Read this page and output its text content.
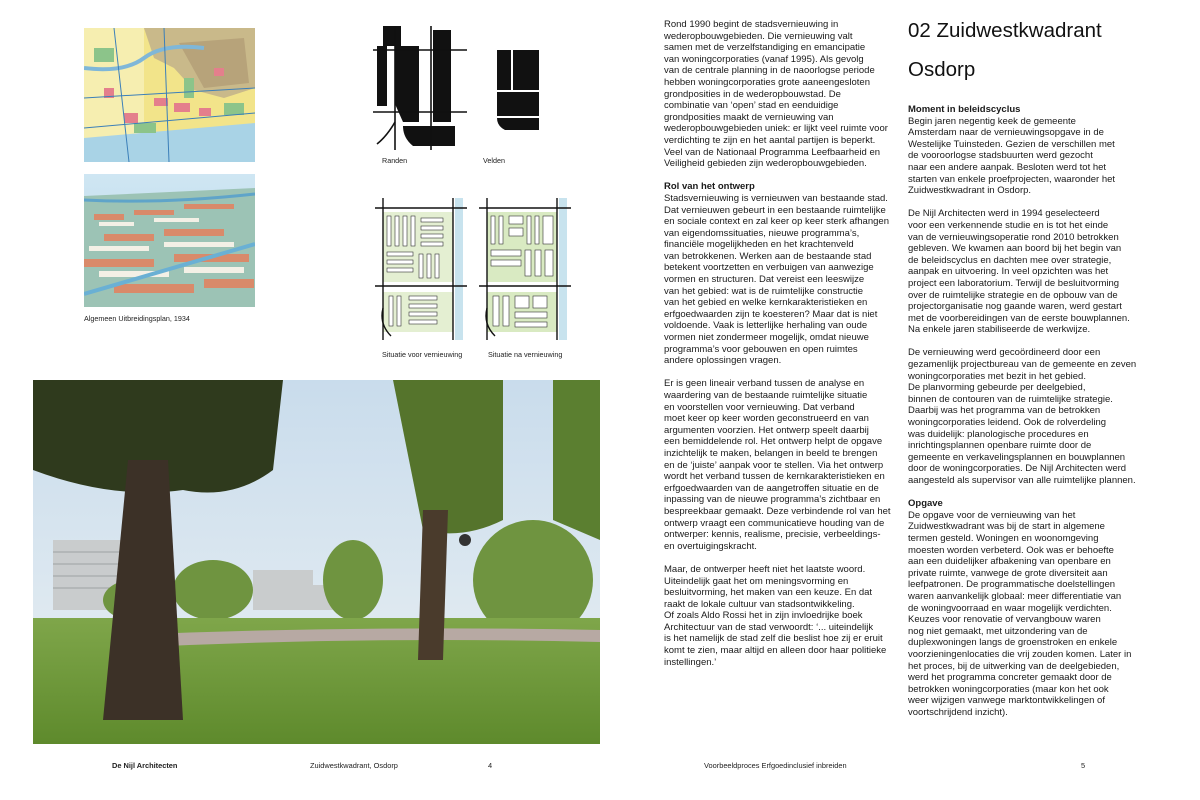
Algemeen Uitbreidingsplan, 1934
Randen	Velden
Situatie voor vernieuwing	Situatie na vernieuwing

Rond 1990 begint de stadsvernieuwing in
wederopbouwgebieden. Die vernieuwing valt
samen met de verzelfstandiging en emancipatie
van woningcorporaties (vanaf 1995). Als gevolg
van de centrale planning in de naoorlogse periode
hebben woningcorporaties grote aaneengesloten
grondposities in de wederopbouwstad. De
combinatie van ‘open’ stad en eenduidige
grondposities maakt de vernieuwing van
wederopbouwgebieden uniek: er lijkt veel ruimte voor
verdichting te zijn en het aantal partijen is beperkt.
Veel van de Nationaal Programma Leefbaarheid en
Veiligheid gebieden zijn wederopbouwgebieden.

Rol van het ontwerp

Stadsvernieuwing is vernieuwen van bestaande stad.
Dat vernieuwen gebeurt in een bestaande ruimtelijke
en sociale context en zal keer op keer sterk afhangen
van eigendomssituaties, nieuwe programma’s,
financiële mogelijkheden en het krachtenveld
van betrokkenen. Werken aan de bestaande stad
betekent voortzetten en verbuigen van aanwezige
vormen en structuren. Dat vereist een leeswijze
van het gebied: wat is de ruimtelijke constructie
van het gebied en welke kernkarakteristieken en
erfgoedwaarden zijn te koesteren? Maar dat is niet
voldoende. Vaak is letterlijke herhaling van oude
vormen niet zondermeer mogelijk, omdat nieuwe
programma’s voor gebouwen en open ruimtes
andere oplossingen vragen.

Er is geen lineair verband tussen de analyse en
waardering van de bestaande ruimtelijke situatie
en voorstellen voor vernieuwing. Dat verband
moet keer op keer worden geconstrueerd en van
argumenten voorzien. Het ontwerp speelt daarbij
een bemiddelende rol. Het ontwerp helpt de opgave
inzichtelijk te maken, belangen in beeld te brengen
en de ‘juiste’ aanpak voor te stellen. Via het ontwerp
wordt het verband tussen de kernkarakteristieken en
erfgoedwaarden van de aangetroffen situatie en de
inpassing van de nieuwe programma’s zichtbaar en
bespreekbaar gemaakt. Deze verbindende rol van het
ontwerp vraagt een communicatieve houding van de
ontwerper: kennis, realisme, precisie, verbeeldings-
en overtuigingskracht.

Maar, de ontwerper heeft niet het laatste woord.
Uiteindelijk gaat het om meningsvorming en
besluitvorming, het maken van een keuze. En dat
raakt de lokale cultuur van stadsontwikkeling.
Of zoals Aldo Rossi het in zijn invloedrijke boek
Architectuur van de stad verwoordt: ‘... uiteindelijk
is het namelijk de stad zelf die beslist hoe zij er eruit
komt te zien, maar altijd en alleen door haar politieke
instellingen.’

02 Zuidwestkwadrant
Osdorp
Moment in beleidscyclus

Begin jaren negentig keek de gemeente
Amsterdam naar de vernieuwingsopgave in de
Westelijke Tuinsteden. Gezien de verschillen met
de vooroorlogse stadsbuurten werd gezocht
naar een andere aanpak. Besloten werd tot het
starten van enkele proefprojecten, waaronder het
Zuidwestkwadrant in Osdorp.

De Nijl Architecten werd in 1994 geselecteerd
voor een verkennende studie en is tot het einde
van de vernieuwingsoperatie rond 2010 betrokken
gebleven. We kwamen aan boord bij het begin van
de beleidscyclus en dachten mee over strategie,
aanpak en uitvoering. In veel opzichten was het
project een laboratorium. Terwijl de besluitvorming
over de ruimtelijke strategie en de opbouw van de
projectorganisatie nog gaande waren, werd gestart
met de voorbereidingen van de eerste bouwplannen.
Na enkele jaren stabiliseerde de werkwijze.

De vernieuwing werd gecoördineerd door een
gezamenlijk projectbureau van de gemeente en zeven
woningcorporaties met bezit in het gebied.
De planvorming gebeurde per deelgebied,
binnen de contouren van de ruimtelijke strategie.
Daarbij was het programma van de betrokken
woningcorporaties leidend. Ook de rolverdeling
was duidelijk: planologische procedures en
inrichtingsplannen openbare ruimte door de
gemeente en verkavelingsplannen en bouwplannen
door de woningcorporaties. De Nijl Architecten werd
aangesteld als supervisor van alle ruimtelijke plannen.

Opgave

De opgave voor de vernieuwing van het
Zuidwestkwadrant was bij de start in algemene
termen gesteld. Woningen en woonomgeving
moesten worden verbeterd. Ook was er behoefte
aan een duidelijker afbakening van openbare en
private ruimte, vanwege de grote diversiteit aan
leefpatronen. De programmatische doelstellingen
waren aanvankelijk globaal: meer differentiatie van
de woningvoorraad en waar mogelijk verdichten.
Keuzes voor renovatie of vervangbouw waren
nog niet gemaakt, met uitzondering van de
duplexwoningen langs de groenstroken en enkele
voorzieningenlocaties die vrij zouden komen. Later in
het proces, bij de uitwerking van de deelgebieden,
werd het programma concreter gemaakt door de
betrokken woningcorporaties (maar kon het ook
weer wijzigen vanwege marktontwikkelingen of
voortschrijdend inzicht).

De Nijl Architecten	Zuidwestkwadrant, Osdorp	4	Voorbeeldproces Erfgoedinclusief inbreiden	5
